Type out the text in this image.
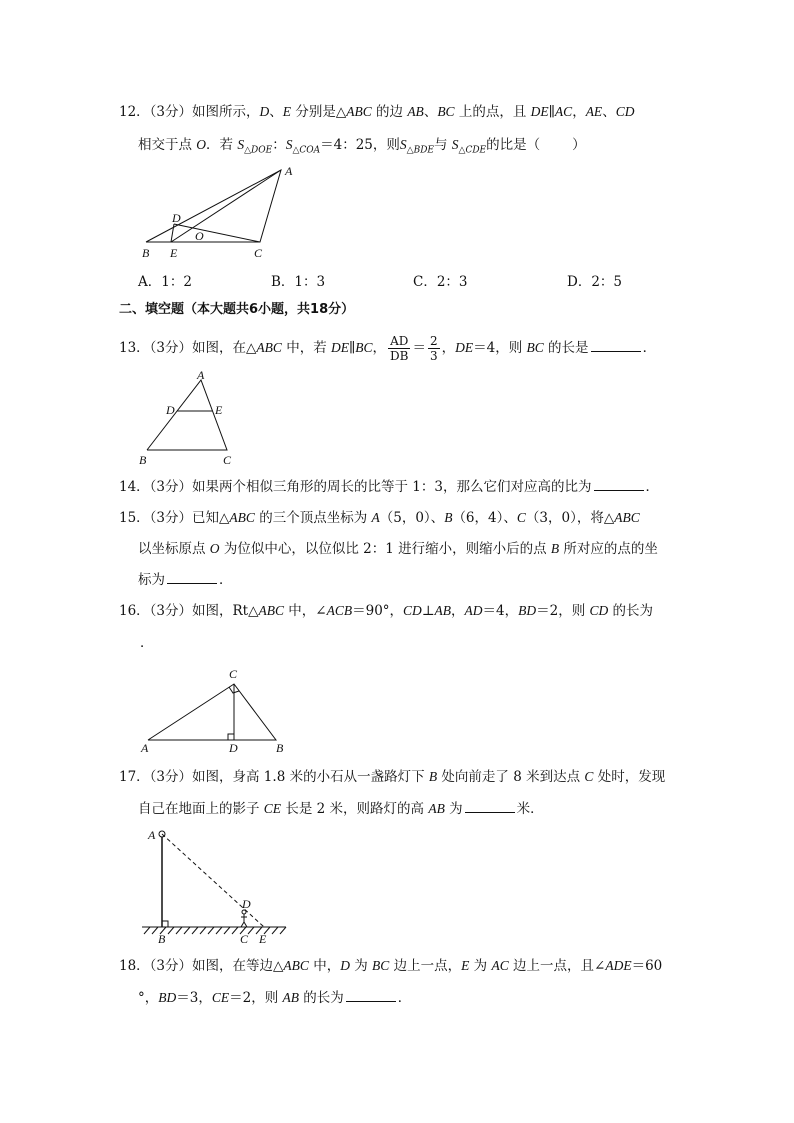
12．（3分）如图所示，D、E 分别是△ABC 的边 AB、BC 上的点，且 DE∥AC，AE、CD
相交于点 O．若 $S_{\triangle DOE}$：$S_{\triangle COA}=4$：25，则$S_{\triangle BDE}$与 $S_{\triangle CDE}$的比是（ ）
A
B	C
D
E
O
A．1：2	B．1：3	C．2：3	D．2：5
二、填空题（本大题共6小题，共18分）
13．（3分）如图，在△ABC 中，若 DE∥BC， $\frac{AD}{DB} = \frac{2}{3}$ ，DE＝4，则 BC 的长是	．
A
B	C
D	E
14．（3分）如果两个相似三角形的周长的比等于 1：3，那么它们对应高的比为	．
15．（3分）已知△ABC 的三个顶点坐标为 A（5，0）、B（6，4）、C（3，0），将△ABC
以坐标原点 O 为位似中心，以位似比 2：1 进行缩小，则缩小后的点 B 所对应的点的坐
标为	．
16．（3分）如图，Rt△ABC 中，∠ACB＝90°，CD⊥AB，AD＝4，BD＝2，则 CD 的长为
．
C
A	D	B
17．（3分）如图，身高 1.8 米的小石从一盏路灯下 B 处向前走了 8 米到达点 C 处时，发现
自己在地面上的影子 CE 长是 2 米，则路灯的高 AB 为	米．
A
B	C
D
E
18．（3分）如图，在等边△ABC 中，D 为 BC 边上一点，E 为 AC 边上一点，且∠ADE＝60
°，BD＝3，CE＝2，则 AB 的长为	．
